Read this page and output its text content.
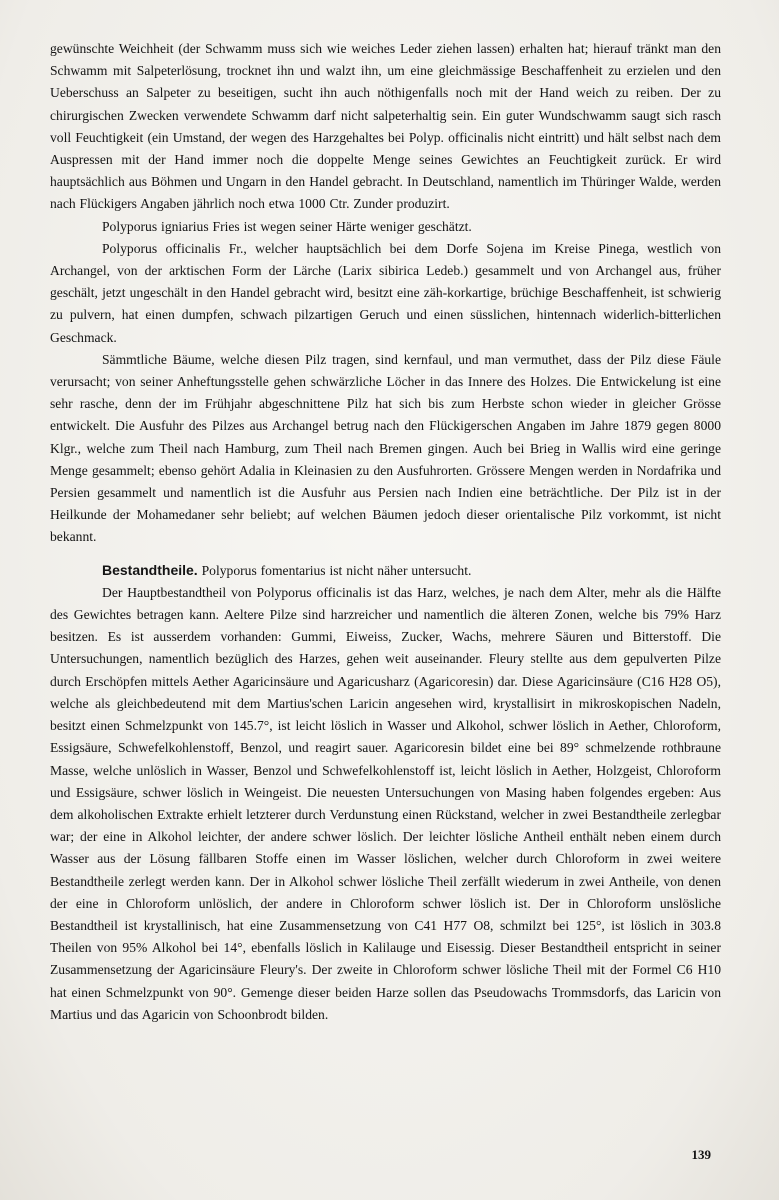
gewünschte Weichheit (der Schwamm muss sich wie weiches Leder ziehen lassen) erhalten hat; hierauf tränkt man den Schwamm mit Salpeterlösung, trocknet ihn und walzt ihn, um eine gleichmässige Beschaffenheit zu erzielen und den Ueberschuss an Salpeter zu beseitigen, sucht ihn auch nöthigenfalls noch mit der Hand weich zu reiben. Der zu chirurgischen Zwecken verwendete Schwamm darf nicht salpeterhaltig sein. Ein guter Wundschwamm saugt sich rasch voll Feuchtigkeit (ein Umstand, der wegen des Harzgehaltes bei Polyp. officinalis nicht eintritt) und hält selbst nach dem Auspressen mit der Hand immer noch die doppelte Menge seines Gewichtes an Feuchtigkeit zurück. Er wird hauptsächlich aus Böhmen und Ungarn in den Handel gebracht. In Deutschland, namentlich im Thüringer Walde, werden nach Flückigers Angaben jährlich noch etwa 1000 Ctr. Zunder produzirt.

Polyporus igniarius Fries ist wegen seiner Härte weniger geschätzt.

Polyporus officinalis Fr., welcher hauptsächlich bei dem Dorfe Sojena im Kreise Pinega, westlich von Archangel, von der arktischen Form der Lärche (Larix sibirica Ledeb.) gesammelt und von Archangel aus, früher geschält, jetzt ungeschält in den Handel gebracht wird, besitzt eine zäh-korkartige, brüchige Beschaffenheit, ist schwierig zu pulvern, hat einen dumpfen, schwach pilzartigen Geruch und einen süsslichen, hintennach widerlich-bitterlichen Geschmack.

Sämmtliche Bäume, welche diesen Pilz tragen, sind kernfaul, und man vermuthet, dass der Pilz diese Fäule verursacht; von seiner Anheftungsstelle gehen schwärzliche Löcher in das Innere des Holzes. Die Entwickelung ist eine sehr rasche, denn der im Frühjahr abgeschnittene Pilz hat sich bis zum Herbste schon wieder in gleicher Grösse entwickelt. Die Ausfuhr des Pilzes aus Archangel betrug nach den Flückigerschen Angaben im Jahre 1879 gegen 8000 Klgr., welche zum Theil nach Hamburg, zum Theil nach Bremen gingen. Auch bei Brieg in Wallis wird eine geringe Menge gesammelt; ebenso gehört Adalia in Kleinasien zu den Ausfuhrorten. Grössere Mengen werden in Nordafrika und Persien gesammelt und namentlich ist die Ausfuhr aus Persien nach Indien eine beträchtliche. Der Pilz ist in der Heilkunde der Mohamedaner sehr beliebt; auf welchen Bäumen jedoch dieser orientalische Pilz vorkommt, ist nicht bekannt.

Bestandtheile. Polyporus fomentarius ist nicht näher untersucht.

Der Hauptbestandtheil von Polyporus officinalis ist das Harz, welches, je nach dem Alter, mehr als die Hälfte des Gewichtes betragen kann. Aeltere Pilze sind harzreicher und namentlich die älteren Zonen, welche bis 79% Harz besitzen. Es ist ausserdem vorhanden: Gummi, Eiweiss, Zucker, Wachs, mehrere Säuren und Bitterstoff. Die Untersuchungen, namentlich bezüglich des Harzes, gehen weit auseinander. Fleury stellte aus dem gepulverten Pilze durch Erschöpfen mittels Aether Agaricinsäure und Agaricusharz (Agaricoresin) dar. Diese Agaricinsäure (C16 H28 O5), welche als gleichbedeutend mit dem Martius'schen Laricin angesehen wird, krystallisirt in mikroskopischen Nadeln, besitzt einen Schmelzpunkt von 145.7°, ist leicht löslich in Wasser und Alkohol, schwer löslich in Aether, Chloroform, Essigsäure, Schwefelkohlenstoff, Benzol, und reagirt sauer. Agaricoresin bildet eine bei 89° schmelzende rothbraune Masse, welche unlöslich in Wasser, Benzol und Schwefelkohlenstoff ist, leicht löslich in Aether, Holzgeist, Chloroform und Essigsäure, schwer löslich in Weingeist. Die neuesten Untersuchungen von Masing haben folgendes ergeben: Aus dem alkoholischen Extrakte erhielt letzterer durch Verdunstung einen Rückstand, welcher in zwei Bestandtheile zerlegbar war; der eine in Alkohol leichter, der andere schwer löslich. Der leichter lösliche Antheil enthält neben einem durch Wasser aus der Lösung fällbaren Stoffe einen im Wasser löslichen, welcher durch Chloroform in zwei weitere Bestandtheile zerlegt werden kann. Der in Alkohol schwer lösliche Theil zerfällt wiederum in zwei Antheile, von denen der eine in Chloroform unlöslich, der andere in Chloroform schwer löslich ist. Der in Chloroform unslösliche Bestandtheil ist krystallinisch, hat eine Zusammensetzung von C41 H77 O8, schmilzt bei 125°, ist löslich in 303.8 Theilen von 95% Alkohol bei 14°, ebenfalls löslich in Kalilauge und Eisessig. Dieser Bestandtheil entspricht in seiner Zusammensetzung der Agaricinsäure Fleury's. Der zweite in Chloroform schwer lösliche Theil mit der Formel C6 H10 hat einen Schmelzpunkt von 90°. Gemenge dieser beiden Harze sollen das Pseudowachs Trommsdorfs, das Laricin von Martius und das Agaricin von Schoonbrodt bilden.

139
